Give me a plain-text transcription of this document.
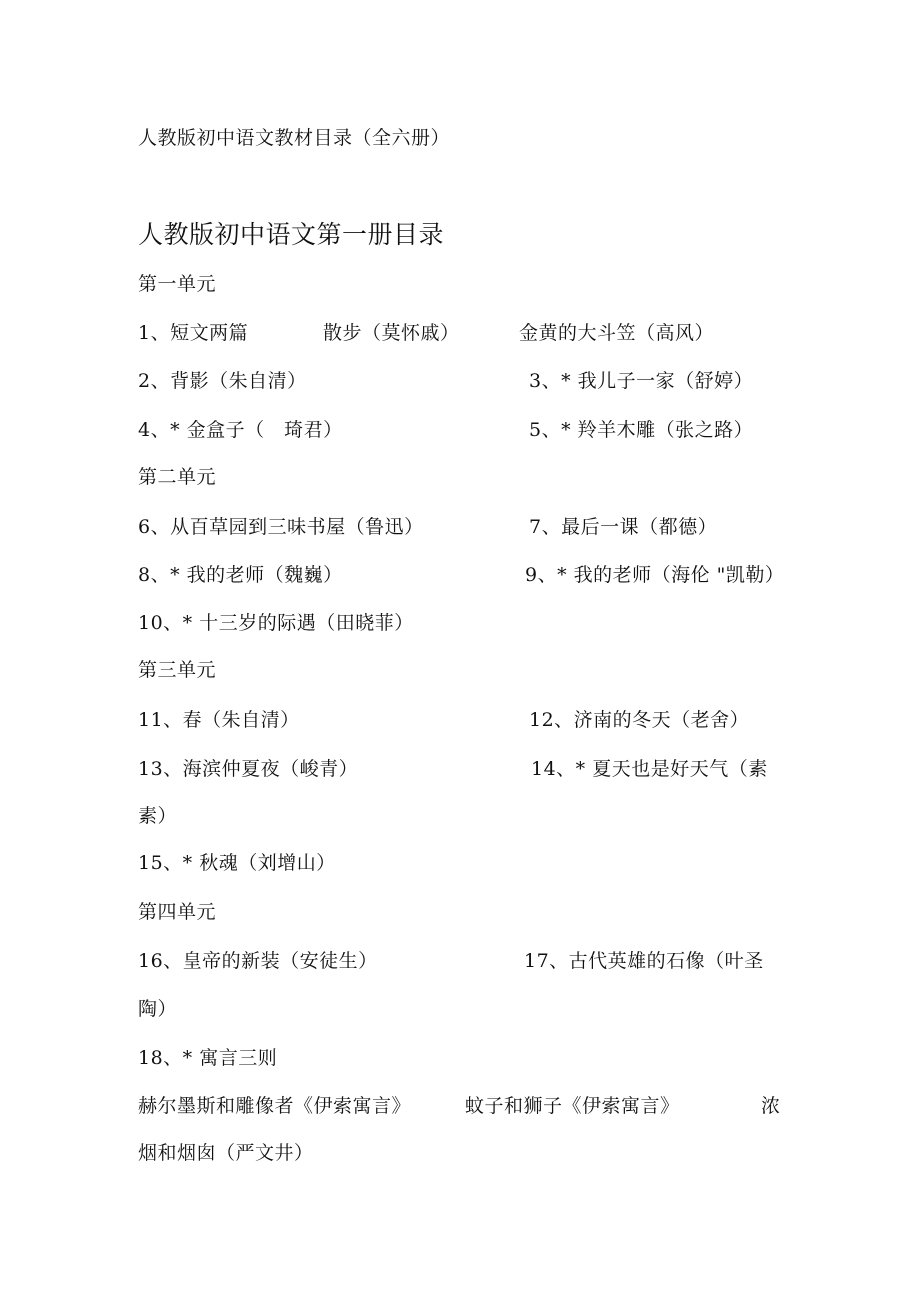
人教版初中语文教材目录（全六册）
人教版初中语文第一册目录
第一单元
1、短文两篇	散步（莫怀戚）	金黄的大斗笠（高风）
2、背影（朱自清）	3、* 我儿子一家（舒婷）
4、* 金盒子（　琦君）	5、* 羚羊木雕（张之路）
第二单元
6、从百草园到三味书屋（鲁迅）	7、最后一课（都德）
8、* 我的老师（魏巍）	9、* 我的老师（海伦 "凯勒）
10、* 十三岁的际遇（田晓菲）
第三单元
11、春（朱自清）	12、济南的冬天（老舍）
13、海滨仲夏夜（峻青）	14、* 夏天也是好天气（素
素）
15、* 秋魂（刘增山）
第四单元
16、皇帝的新装（安徒生）	17、古代英雄的石像（叶圣
陶）
18、* 寓言三则
赫尔墨斯和雕像者《伊索寓言》	蚊子和狮子《伊索寓言》	浓
烟和烟囱（严文井）
